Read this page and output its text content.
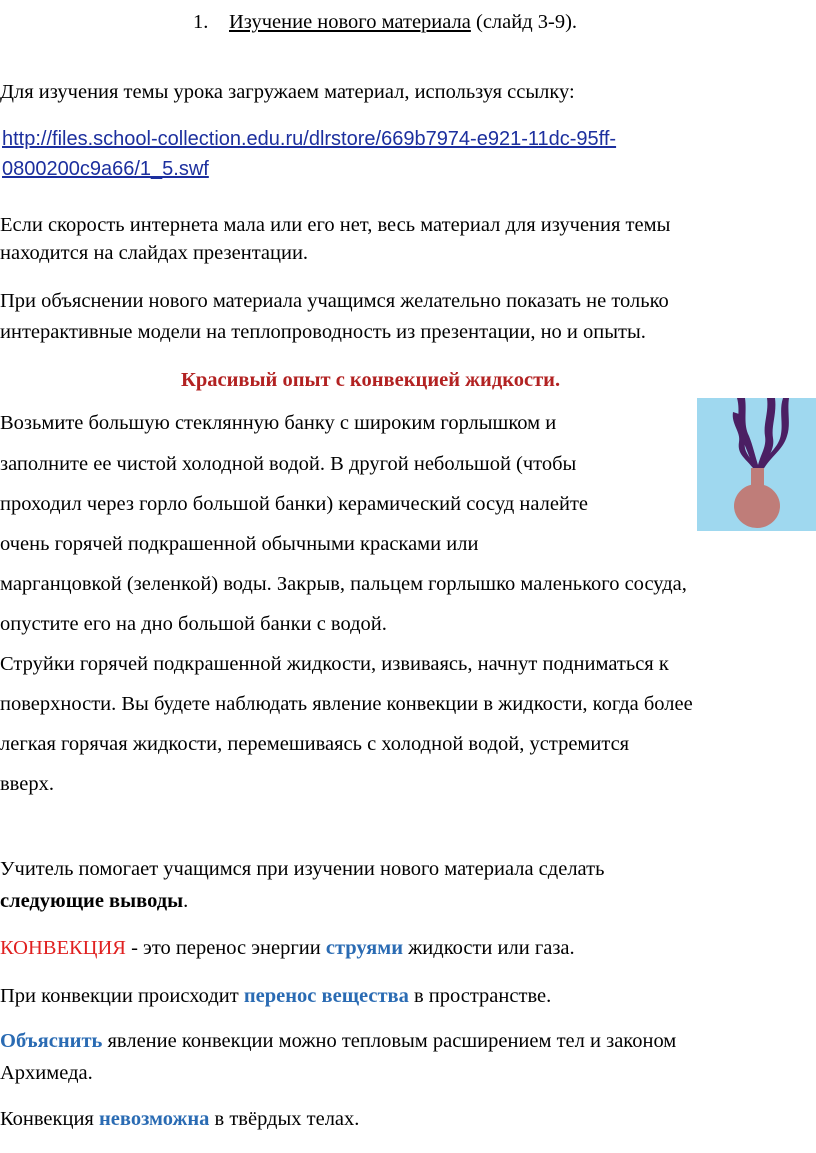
1. Изучение нового материала (слайд 3-9).
Для изучения темы урока загружаем материал, используя ссылку:
http://files.school-collection.edu.ru/dlrstore/669b7974-e921-11dc-95ff-
0800200c9a66/1_5.swf
Если скорость интернета мала или его нет, весь материал для изучения темы
находится на слайдах презентации.
При объяснении нового материала учащимся желательно показать не только
интерактивные модели на теплопроводность из презентации, но и опыты.
Красивый опыт с конвекцией жидкости.
Возьмите большую стеклянную банку с широким горлышком и
заполните ее чистой холодной водой. В другой небольшой (чтобы
проходил через горло большой банки) керамический сосуд налейте
очень горячей подкрашенной обычными красками или
марганцовкой (зеленкой) воды. Закрыв, пальцем горлышко маленького сосуда,
опустите его на дно большой банки с водой.
Струйки горячей подкрашенной жидкости, извиваясь, начнут подниматься к
поверхности. Вы будете наблюдать явление конвекции в жидкости, когда более
легкая горячая жидкости, перемешиваясь с холодной водой, устремится
вверх.
Учитель помогает учащимся при изучении нового материала сделать
следующие выводы.
КОНВЕКЦИЯ - это перенос энергии струями жидкости или газа.
При конвекции происходит перенос вещества в пространстве.
Объяснить явление конвекции можно тепловым расширением тел и законом
Архимеда.
Конвекция невозможна в твёрдых телах.
